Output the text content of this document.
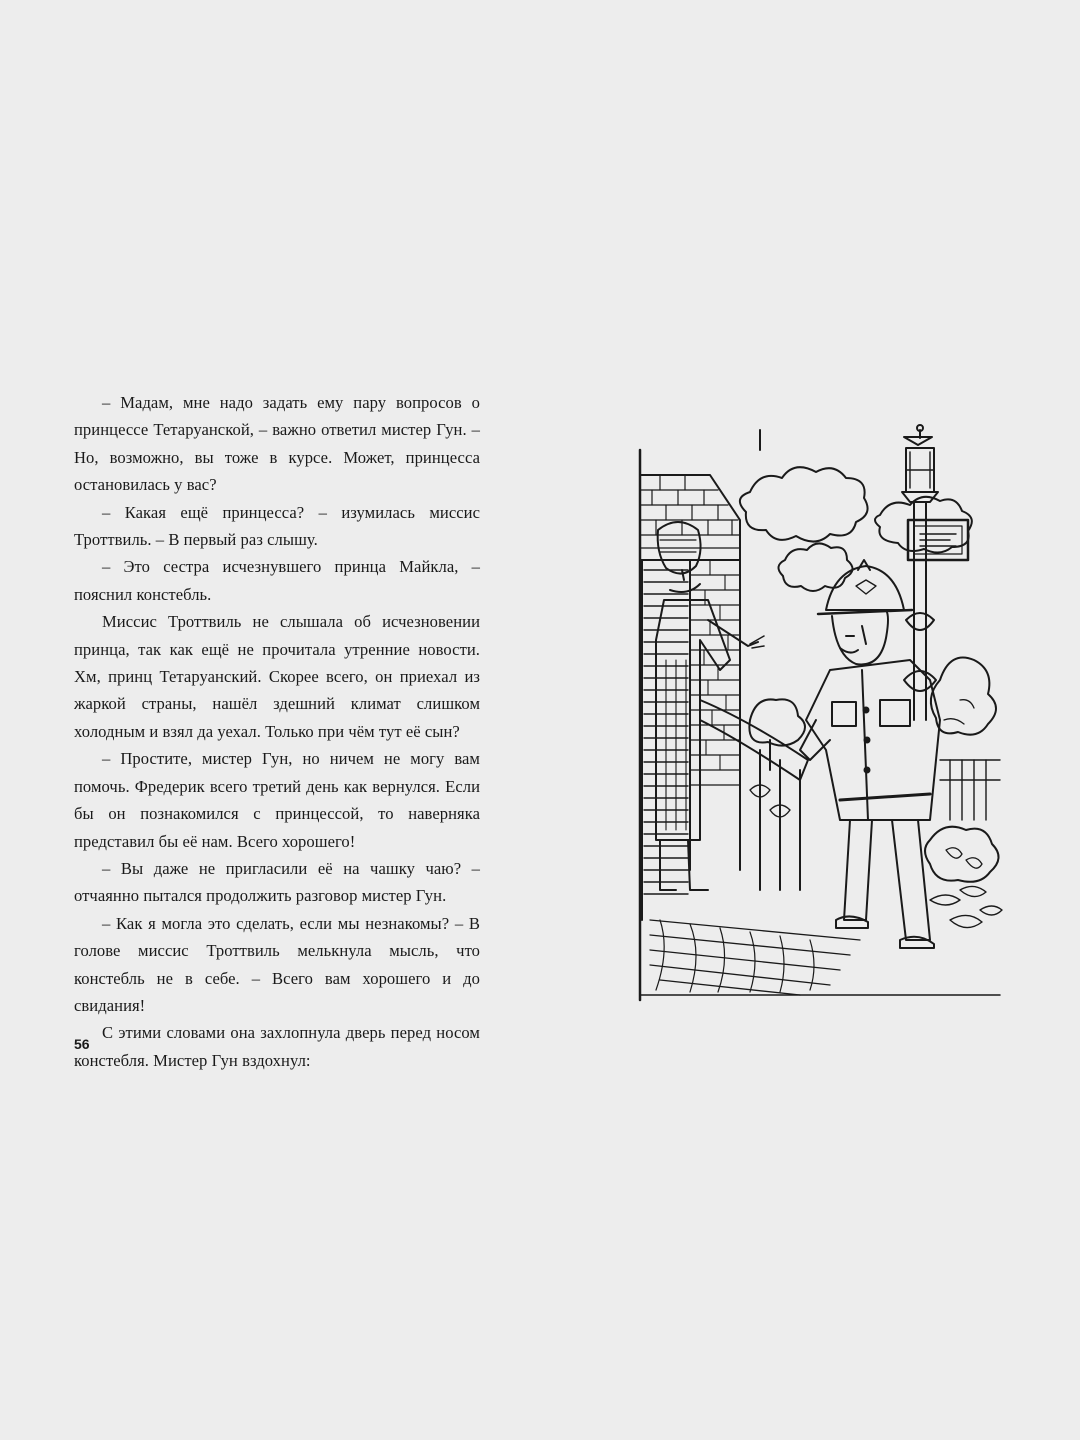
– Мадам, мне надо задать ему пару вопросов о принцессе Тетаруанской, – важно ответил мистер Гун. – Но, возможно, вы тоже в курсе. Может, принцесса остановилась у вас?

– Какая ещё принцесса? – изумилась миссис Троттвиль. – В первый раз слышу.

– Это сестра исчезнувшего принца Майкла, – пояснил констебль.

Миссис Троттвиль не слышала об исчезновении принца, так как ещё не прочитала утренние новости. Хм, принц Тетаруанский. Скорее всего, он приехал из жаркой страны, нашёл здешний климат слишком холодным и взял да уехал. Только при чём тут её сын?

– Простите, мистер Гун, но ничем не могу вам помочь. Фредерик всего третий день как вернулся. Если бы он познакомился с принцессой, то наверняка представил бы её нам. Всего хорошего!

– Вы даже не пригласили её на чашку чаю? – отчаянно пытался продолжить разговор мистер Гун.

– Как я могла это сделать, если мы незнакомы? – В голове миссис Троттвиль мелькнула мысль, что констебль не в себе. – Всего вам хорошего и до свидания!

С этими словами она захлопнула дверь перед носом констебля. Мистер Гун вздохнул:

56
